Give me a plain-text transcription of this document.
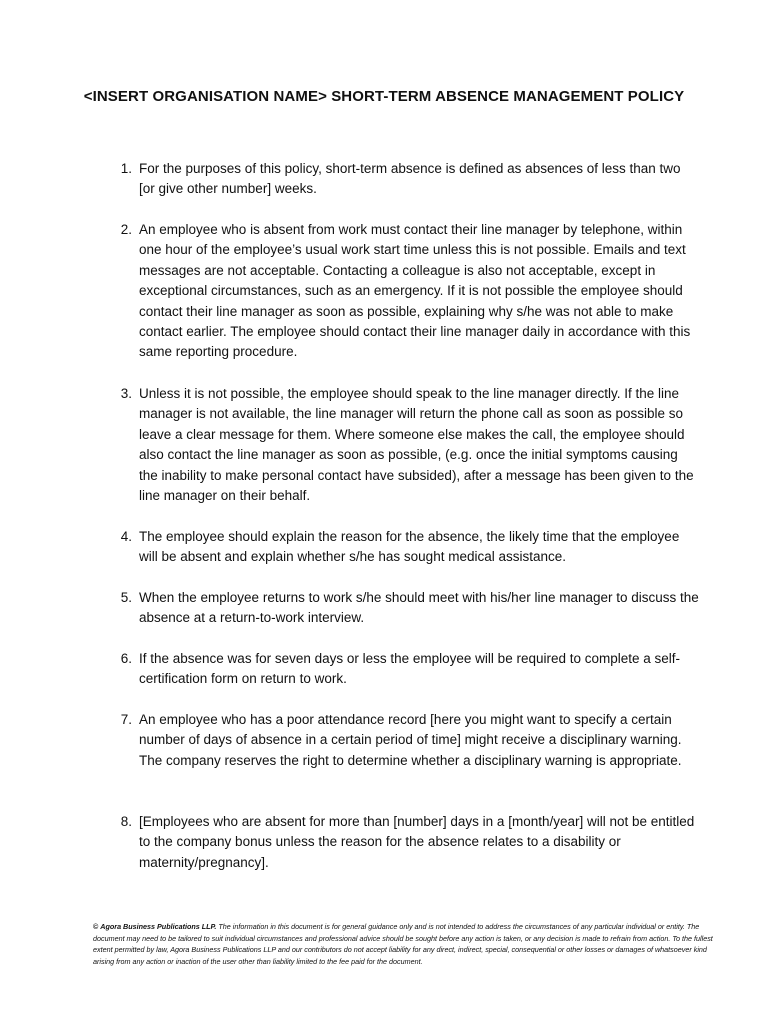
<INSERT ORGANISATION NAME> SHORT-TERM ABSENCE MANAGEMENT POLICY
1. For the purposes of this policy, short-term absence is defined as absences of less than two [or give other number] weeks.
2. An employee who is absent from work must contact their line manager by telephone, within one hour of the employee’s usual work start time unless this is not possible. Emails and text messages are not acceptable. Contacting a colleague is also not acceptable, except in exceptional circumstances, such as an emergency. If it is not possible the employee should contact their line manager as soon as possible, explaining why s/he was not able to make contact earlier. The employee should contact their line manager daily in accordance with this same reporting procedure.
3. Unless it is not possible, the employee should speak to the line manager directly. If the line manager is not available, the line manager will return the phone call as soon as possible so leave a clear message for them. Where someone else makes the call, the employee should also contact the line manager as soon as possible, (e.g. once the initial symptoms causing the inability to make personal contact have subsided), after a message has been given to the line manager on their behalf.
4. The employee should explain the reason for the absence, the likely time that the employee will be absent and explain whether s/he has sought medical assistance.
5. When the employee returns to work s/he should meet with his/her line manager to discuss the absence at a return-to-work interview.
6. If the absence was for seven days or less the employee will be required to complete a self-certification form on return to work.
7. An employee who has a poor attendance record [here you might want to specify a certain number of days of absence in a certain period of time] might receive a disciplinary warning. The company reserves the right to determine whether a disciplinary warning is appropriate.
8. [Employees who are absent for more than [number] days in a [month/year] will not be entitled to the company bonus unless the reason for the absence relates to a disability or maternity/pregnancy].
© Agora Business Publications LLP. The information in this document is for general guidance only and is not intended to address the circumstances of any particular individual or entity. The document may need to be tailored to suit individual circumstances and professional advice should be sought before any action is taken, or any decision is made to refrain from action. To the fullest extent permitted by law, Agora Business Publications LLP and our contributors do not accept liability for any direct, indirect, special, consequential or other losses or damages of whatsoever kind arising from any action or inaction of the user other than liability limited to the fee paid for the document.
